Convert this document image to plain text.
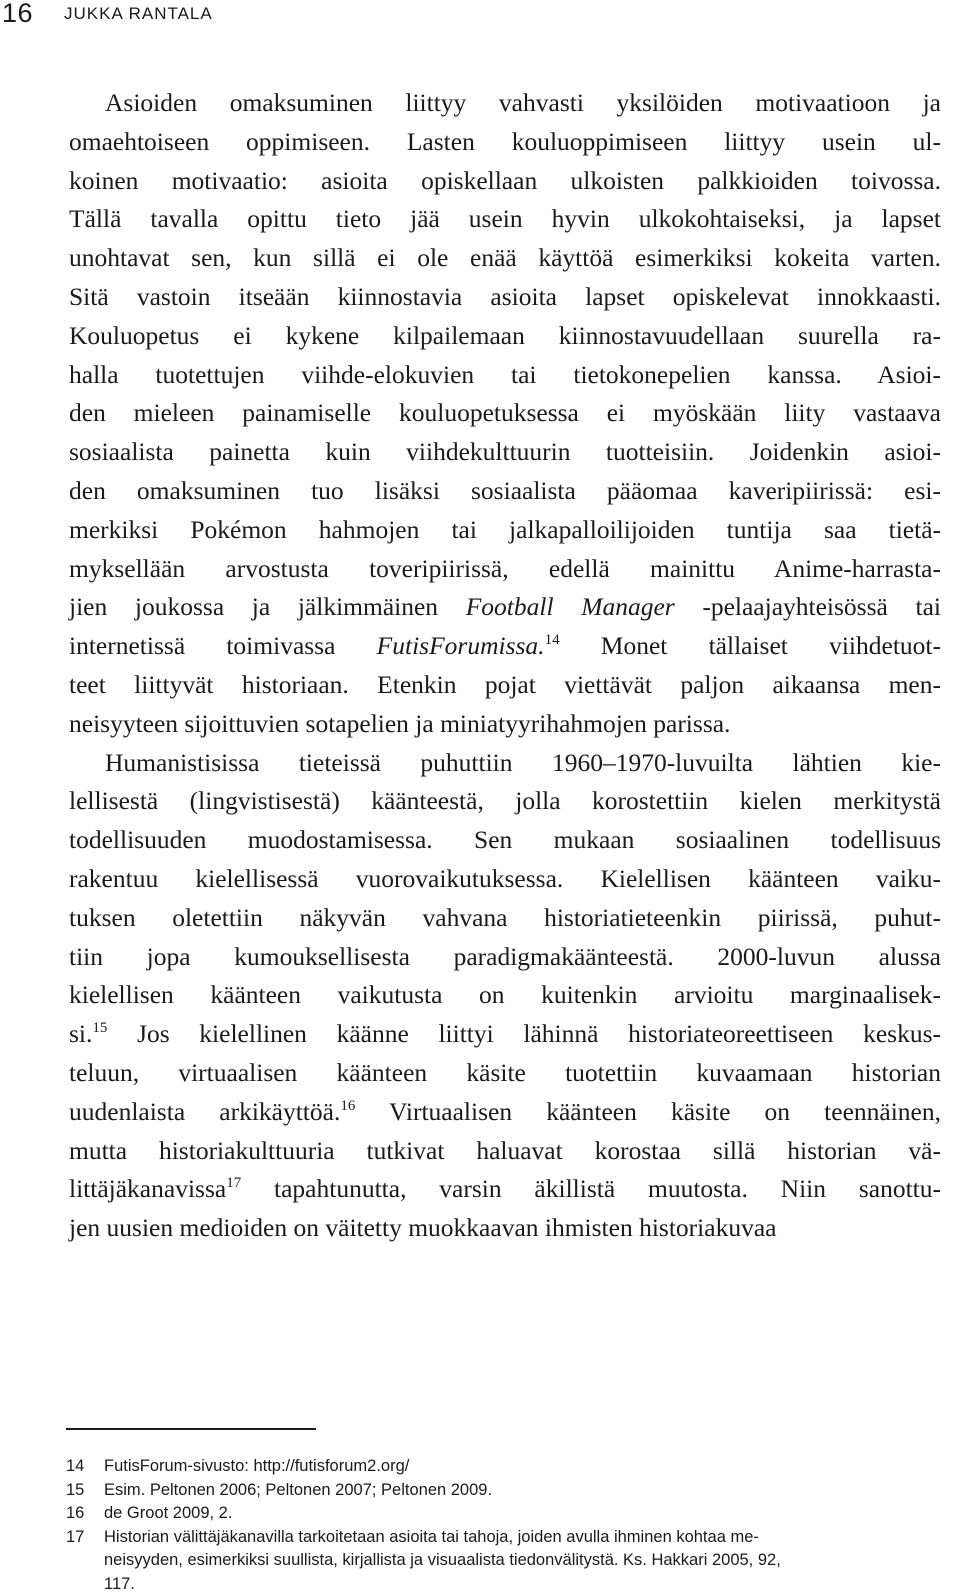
16 JUKKA RANTALA
Asioiden omaksuminen liittyy vahvasti yksilöiden motivaatioon ja
omaehtoiseen oppimiseen. Lasten kouluoppimiseen liittyy usein ul-
koinen motivaatio: asioita opiskellaan ulkoisten palkkioiden toivossa.
Tällä tavalla opittu tieto jää usein hyvin ulkokohtaiseksi, ja lapset
unohtavat sen, kun sillä ei ole enää käyttöä esimerkiksi kokeita varten.
Sitä vastoin itseään kiinnostavia asioita lapset opiskelevat innokkaasti.
Kouluopetus ei kykene kilpailemaan kiinnostavuudellaan suurella ra-
halla tuotettujen viihde-elokuvien tai tietokonepelien kanssa. Asioi-
den mieleen painamiselle kouluopetuksessa ei myöskään liity vastaava
sosiaalista painetta kuin viihdekulttuurin tuotteisiin. Joidenkin asioi-
den omaksuminen tuo lisäksi sosiaalista pääomaa kaveripiirissä: esi-
merkiksi Pokémon hahmojen tai jalkapalloilijoiden tuntija saa tietä-
myksellään arvostusta toveripiirissä, edellä mainittu Anime-harrasta-
jien joukossa ja jälkimmäinen Football Manager -pelaajayhteisössä tai
internetissä toimivassa FutisForumissa.$^{14}$ Monet tällaiset viihdetuot-
teet liittyvät historiaan. Etenkin pojat viettävät paljon aikaansa men-
neisyyteen sijoittuvien sotapelien ja miniatyyrihahmojen parissa.
Humanistisissa tieteissä puhuttiin 1960–1970-luvuilta lähtien kie-
lellisestä (lingvistisestä) käänteestä, jolla korostettiin kielen merkitystä
todellisuuden muodostamisessa. Sen mukaan sosiaalinen todellisuus
rakentuu kielellisessä vuorovaikutuksessa. Kielellisen käänteen vaiku-
tuksen oletettiin näkyvän vahvana historiatieteenkin piirissä, puhut-
tiin jopa kumouksellisesta paradigmakäänteestä. 2000-luvun alussa
kielellisen käänteen vaikutusta on kuitenkin arvioitu marginaalisek-
si.$^{15}$ Jos kielellinen käänne liittyi lähinnä historiateoreettiseen keskus-
teluun, virtuaalisen käänteen käsite tuotettiin kuvaamaan historian
uudenlaista arkikäyttöä.$^{16}$ Virtuaalisen käänteen käsite on teennäinen,
mutta historiakulttuuria tutkivat haluavat korostaa sillä historian vä-
littäjäkanavissa$^{17}$ tapahtunutta, varsin äkillistä muutosta. Niin sanottu-
jen uusien medioiden on väitetty muokkaavan ihmisten historiakuvaa
14	FutisForum-sivusto: http://futisforum2.org/
15	Esim. Peltonen 2006; Peltonen 2007; Peltonen 2009.
16	de Groot 2009, 2.
17	Historian välittäjäkanavilla tarkoitetaan asioita tai tahoja, joiden avulla ihminen kohtaa me-
neisyyden, esimerkiksi suullista, kirjallista ja visuaalista tiedonvälitystä. Ks. Hakkari 2005, 92,
117.
